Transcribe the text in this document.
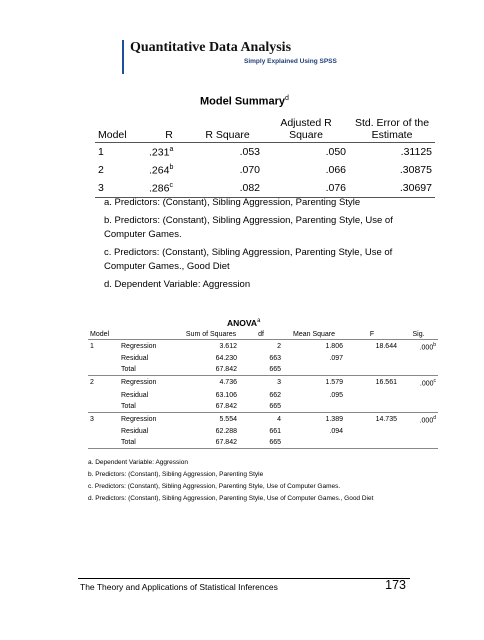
Quantitative Data Analysis
Simply Explained Using SPSS
Model Summary$^d$
Model	R	R Square	Adjusted R Square	Std. Error of the Estimate
1	.231$^a$	.053	.050	.31125
2	.264$^b$	.070	.066	.30875
3	.286$^c$	.082	.076	.30697
a. Predictors: (Constant), Sibling Aggression, Parenting Style
b. Predictors: (Constant), Sibling Aggression, Parenting Style, Use of Computer Games.
c. Predictors: (Constant), Sibling Aggression, Parenting Style, Use of Computer Games., Good Diet
d. Dependent Variable: Aggression
ANOVA$^a$
Model		Sum of Squares	df	Mean Square	F	Sig.
1	Regression	3.612	2	1.806	18.644	.000$^b$
	Residual	64.230	663	.097		
	Total	67.842	665			
2	Regression	4.736	3	1.579	16.561	.000$^c$
	Residual	63.106	662	.095		
	Total	67.842	665			
3	Regression	5.554	4	1.389	14.735	.000$^d$
	Residual	62.288	661	.094		
	Total	67.842	665			
a. Dependent Variable: Aggression
b. Predictors: (Constant), Sibling Aggression, Parenting Style
c. Predictors: (Constant), Sibling Aggression, Parenting Style, Use of Computer Games.
d. Predictors: (Constant), Sibling Aggression, Parenting Style, Use of Computer Games., Good Diet
The Theory and Applications of Statistical Inferences	173
